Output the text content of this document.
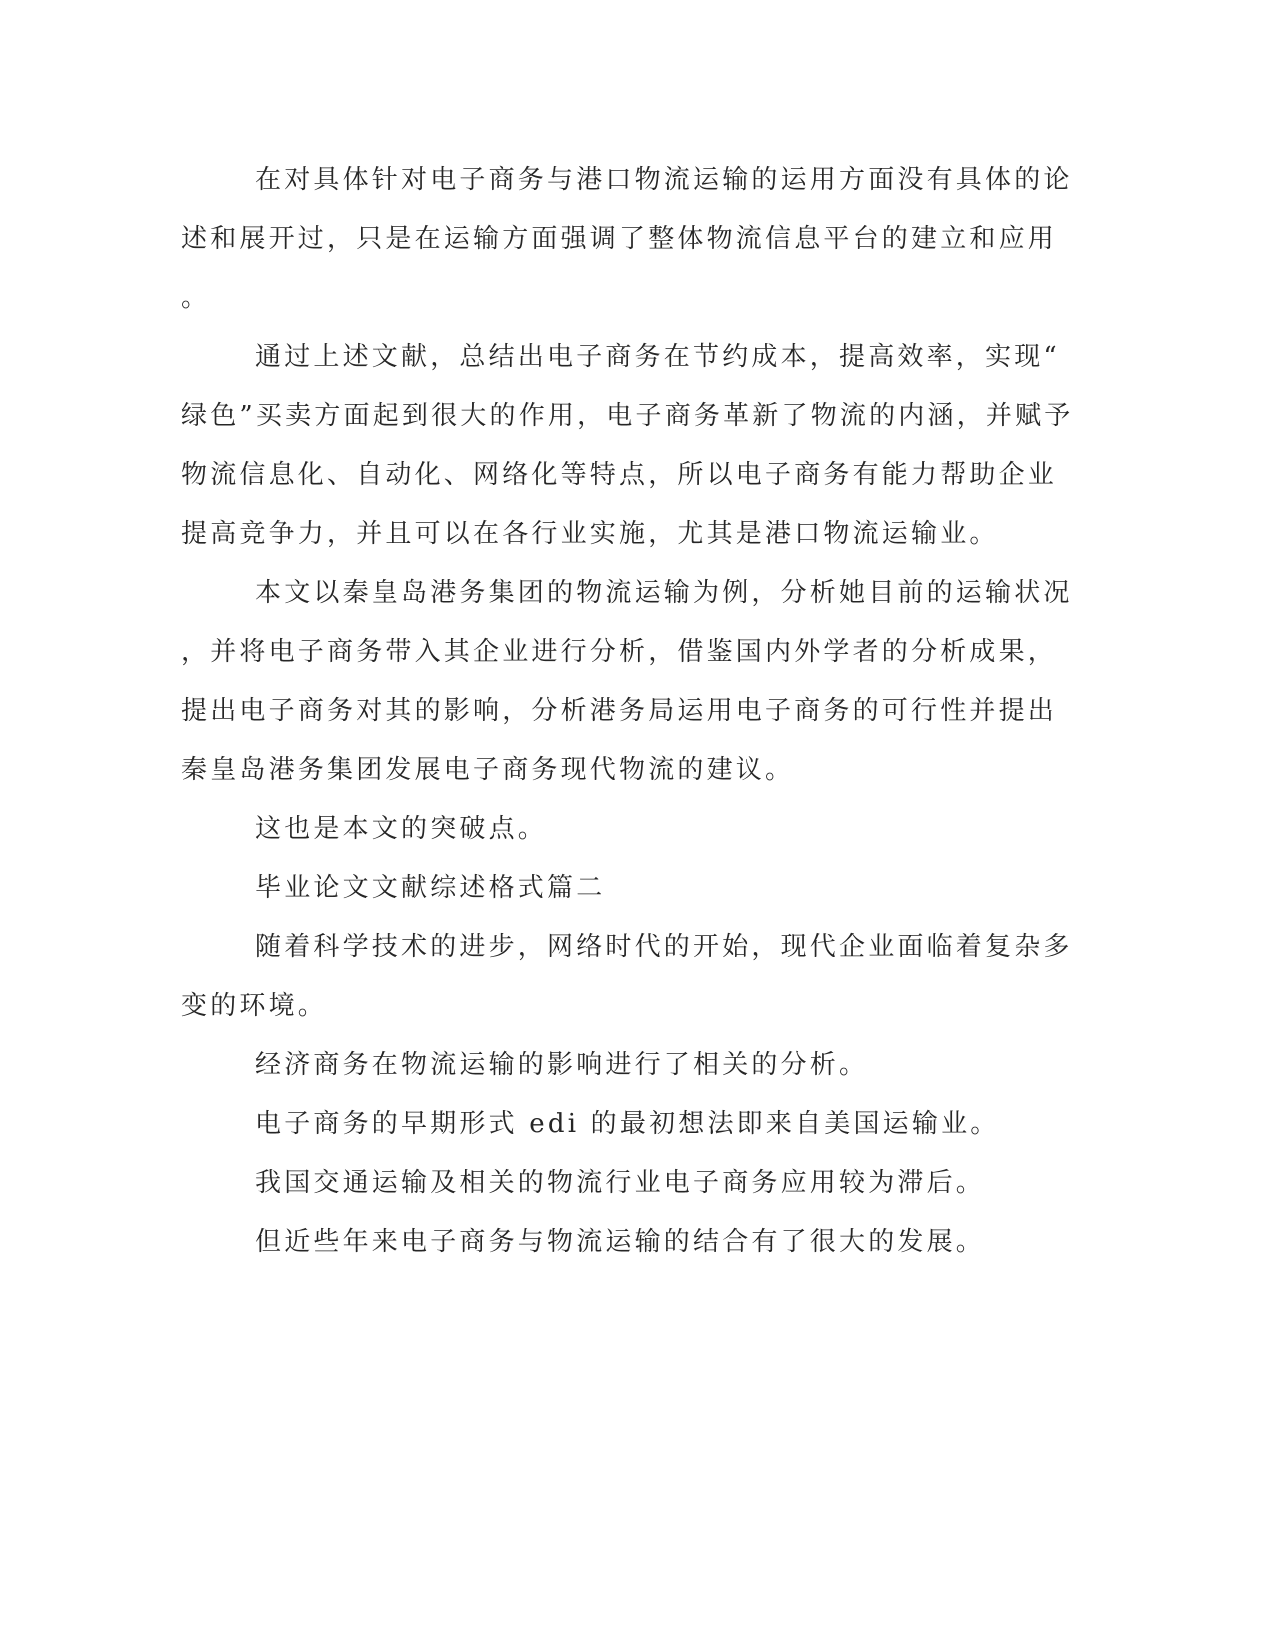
在对具体针对电子商务与港口物流运输的运用方面没有具体的论

述和展开过，只是在运输方面强调了整体物流信息平台的建立和应用

。

通过上述文献，总结出电子商务在节约成本，提高效率，实现“

绿色”买卖方面起到很大的作用，电子商务革新了物流的内涵，并赋予

物流信息化、自动化、网络化等特点，所以电子商务有能力帮助企业

提高竞争力，并且可以在各行业实施，尤其是港口物流运输业。

本文以秦皇岛港务集团的物流运输为例，分析她目前的运输状况

，并将电子商务带入其企业进行分析，借鉴国内外学者的分析成果，

提出电子商务对其的影响，分析港务局运用电子商务的可行性并提出

秦皇岛港务集团发展电子商务现代物流的建议。

这也是本文的突破点。

毕业论文文献综述格式篇二

随着科学技术的进步，网络时代的开始，现代企业面临着复杂多

变的环境。

经济商务在物流运输的影响进行了相关的分析。

电子商务的早期形式 edi 的最初想法即来自美国运输业。

我国交通运输及相关的物流行业电子商务应用较为滞后。

但近些年来电子商务与物流运输的结合有了很大的发展。
